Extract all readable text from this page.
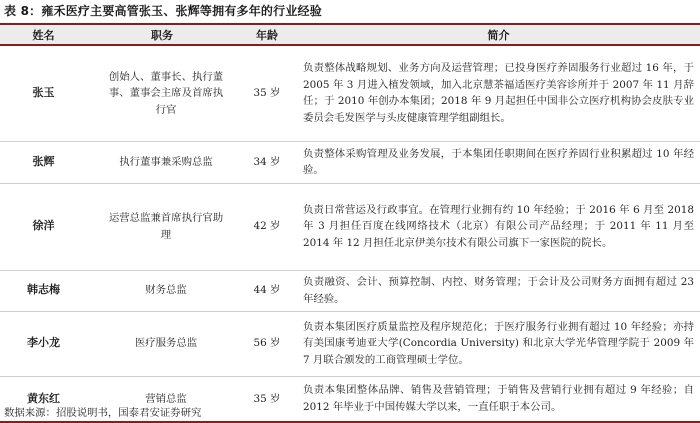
表 8：雍禾医疗主要高管张玉、张辉等拥有多年的行业经验
姓名	职务	年龄	简介
张玉	创始人、董事长、执行董事、董事会主席及首席执行官	35 岁	负责整体战略规划、业务方向及运营管理；已投身医疗养固服务行业超过 16 年，于 2005 年 3 月进入植发领域，加入北京慧茶福适医疗美容诊所并于 2007 年 11 月辞任；于 2010 年创办本集团；2018 年 9 月起担任中国非公立医疗机构协会皮肤专业委员会毛发医学与头皮健康管理学组副组长。
张辉	执行董事兼采购总监	34 岁	负责整体采购管理及业务发展，于本集团任职期间在医疗养固行业积累超过 10 年经验。
徐洋	运营总监兼首席执行官助理	42 岁	负责日常营运及行政事宜。在管理行业拥有约 10 年经验；于 2016 年 6 月至 2018 年 3 月担任百度在线网络技术（北京）有限公司产品经理；于 2011 年 11 月至 2014 年 12 月担任北京伊美尔技术有限公司旗下一家医院的院长。
韩志梅	财务总监	44 岁	负责融资、会计、预算控制、内控、财务管理；于会计及公司财务方面拥有超过 23 年经验。
李小龙	医疗服务总监	56 岁	负责本集团医疗质量监控及程序规范化；于医疗服务行业拥有超过 10 年经验；亦持有美国康考迪亚大学(Concordia University) 和北京大学光华管理学院于 2009 年 7 月联合颁发的工商管理硕士学位。
黄东红	营销总监	35 岁	负责本集团整体品牌、销售及营销管理；于销售及营销行业拥有超过 9 年经验；自 2012 年毕业于中国传媒大学以来，一直任职于本公司。
数据来源：招股说明书，国泰君安证券研究
